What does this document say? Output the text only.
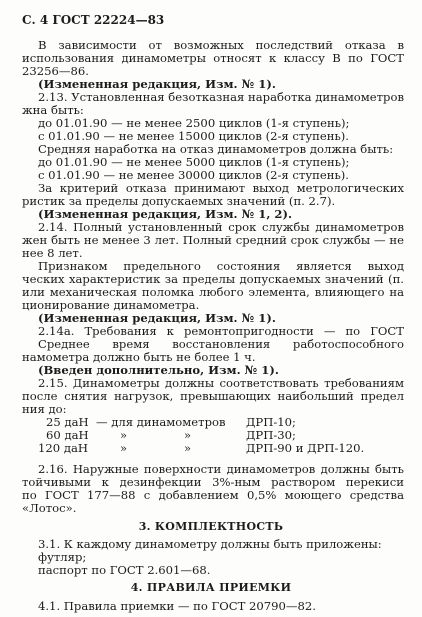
С. 4 ГОСТ 22224—83
В зависимости от возможных последствий отказа в
использования динамометры относят к классу В по ГОСТ
23256—86.
(Измененная редакция, Изм. № 1).
2.13. Установленная безотказная наработка динамометров
жна быть:
до 01.01.90 — не менее 2500 циклов (1-я ступень);
с 01.01.90 — не менее 15000 циклов (2-я ступень).
Средняя наработка на отказ динамометров должна быть:
до 01.01.90 — не менее 5000 циклов (1-я ступень);
с 01.01.90 — не менее 30000 циклов (2-я ступень).
За критерий отказа принимают выход метрологических
ристик за пределы допускаемых значений (п. 2.7).
(Измененная редакция, Изм. № 1, 2).
2.14. Полный установленный срок службы динамометров
жен быть не менее 3 лет. Полный средний срок службы — не
нее 8 лет.
Признаком предельного состояния является выход
ческих характеристик за пределы допускаемых значений (п.
или механическая поломка любого элемента, влияющего на
ционирование динамометра.
(Измененная редакция, Изм. № 1).
2.14а. Требования к ремонтопригодности — по ГОСТ
Среднее время восстановления работоспособного
намометра должно быть не более 1 ч.
(Введен дополнительно, Изм. № 1).
2.15. Динамометры должны соответствовать требованиям
после снятия нагрузок, превышающих наибольший предел
ния до:
25 даН — для динамометров ДРП-10;
60 даН	»	»	ДРП-30;
120 даН	»	»	ДРП-90 и ДРП-120.
2.16. Наружные поверхности динамометров должны быть
тойчивыми к дезинфекции 3%-ным раствором перекиси
по ГОСТ 177—88 с добавлением 0,5% моющего средства
«Лотос».
3. КОМПЛЕКТНОСТЬ
3.1. К каждому динамометру должны быть приложены:
футляр;
паспорт по ГОСТ 2.601—68.
4. ПРАВИЛА ПРИЕМКИ
4.1. Правила приемки — по ГОСТ 20790—82.
